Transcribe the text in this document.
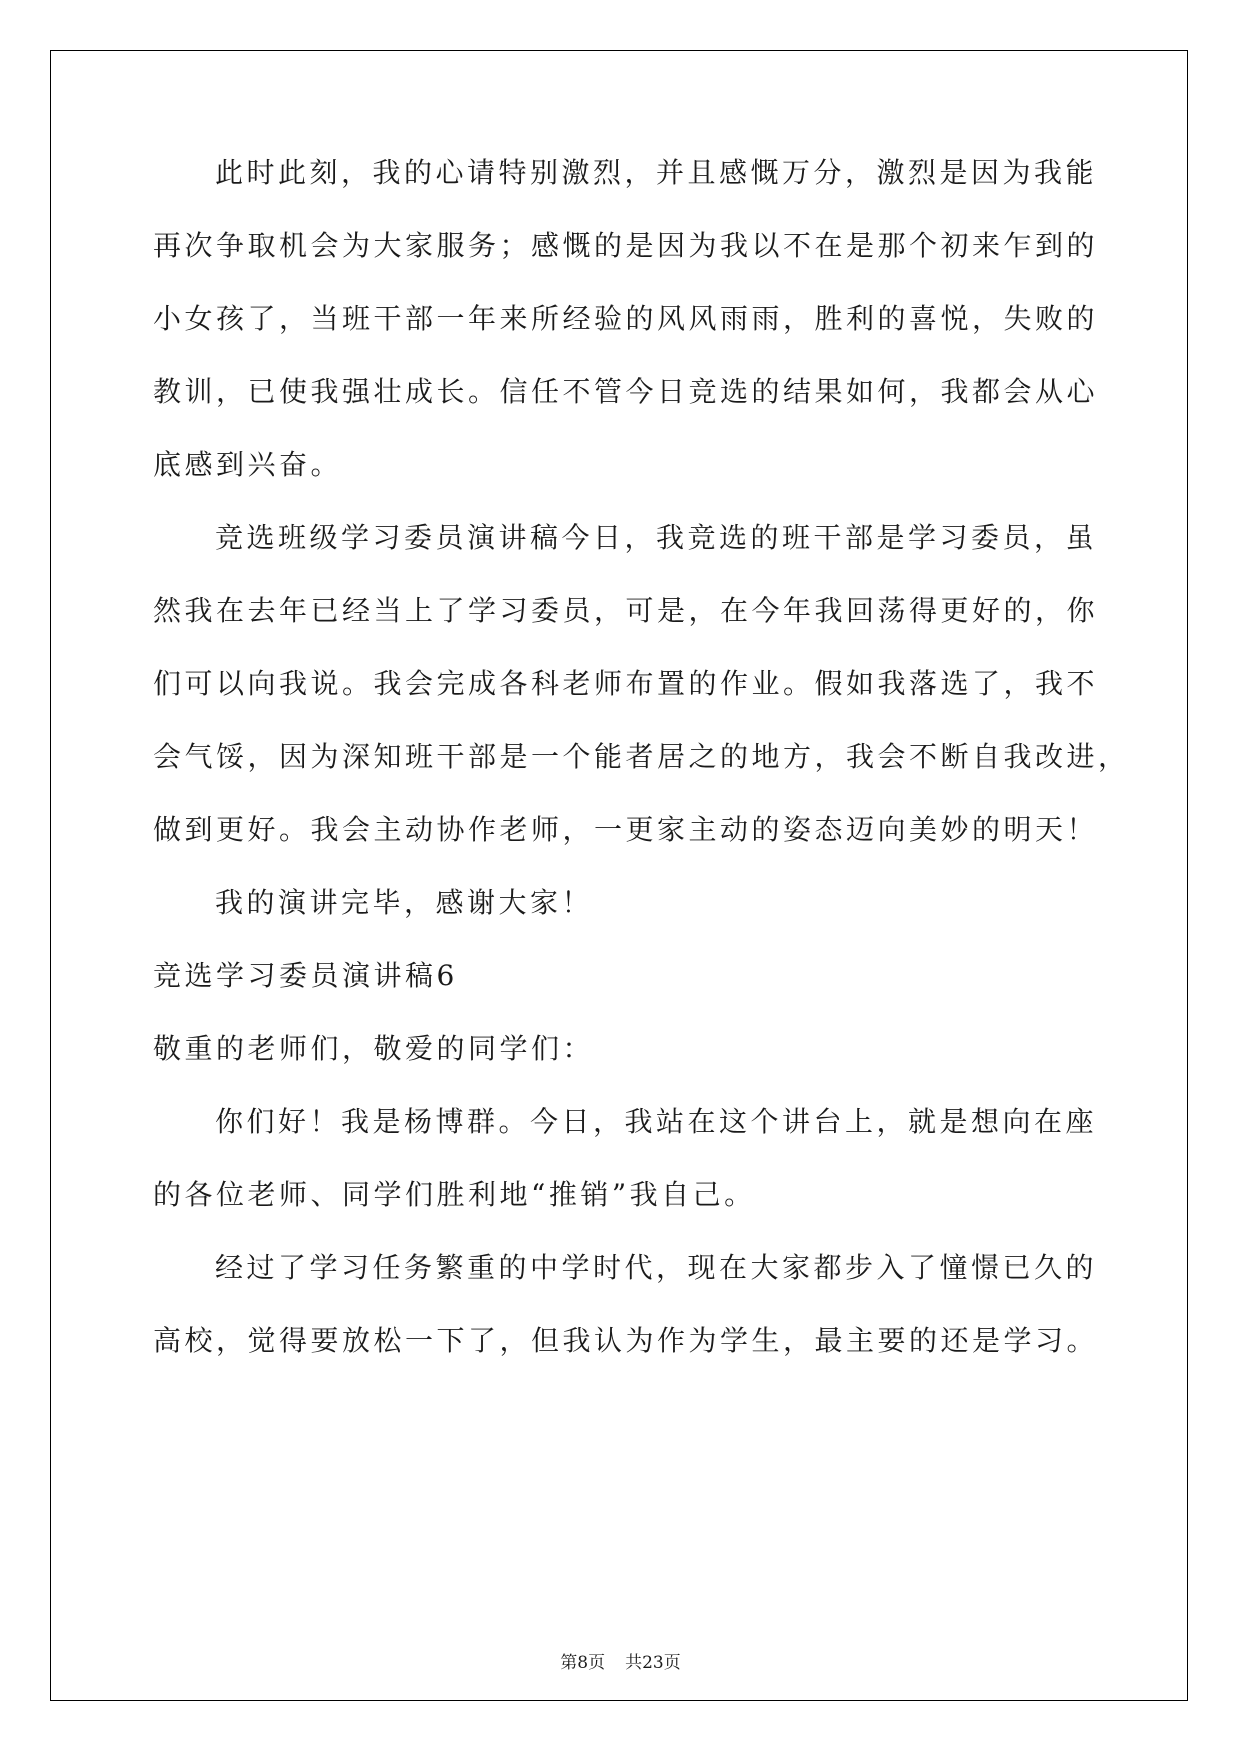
此时此刻，我的心请特别激烈，并且感慨万分，激烈是因为我能
再次争取机会为大家服务；感慨的是因为我以不在是那个初来乍到的
小女孩了，当班干部一年来所经验的风风雨雨，胜利的喜悦，失败的
教训，已使我强壮成长。信任不管今日竞选的结果如何，我都会从心
底感到兴奋。
竞选班级学习委员演讲稿今日，我竞选的班干部是学习委员，虽
然我在去年已经当上了学习委员，可是，在今年我回荡得更好的，你
们可以向我说。我会完成各科老师布置的作业。假如我落选了，我不
会气馁，因为深知班干部是一个能者居之的地方，我会不断自我改进，
做到更好。我会主动协作老师，一更家主动的姿态迈向美妙的明天！
我的演讲完毕，感谢大家！
竞选学习委员演讲稿6
敬重的老师们，敬爱的同学们：
你们好！我是杨博群。今日，我站在这个讲台上，就是想向在座
的各位老师、同学们胜利地“推销”我自己。
经过了学习任务繁重的中学时代，现在大家都步入了憧憬已久的
高校，觉得要放松一下了，但我认为作为学生，最主要的还是学习。
第8页 共23页
